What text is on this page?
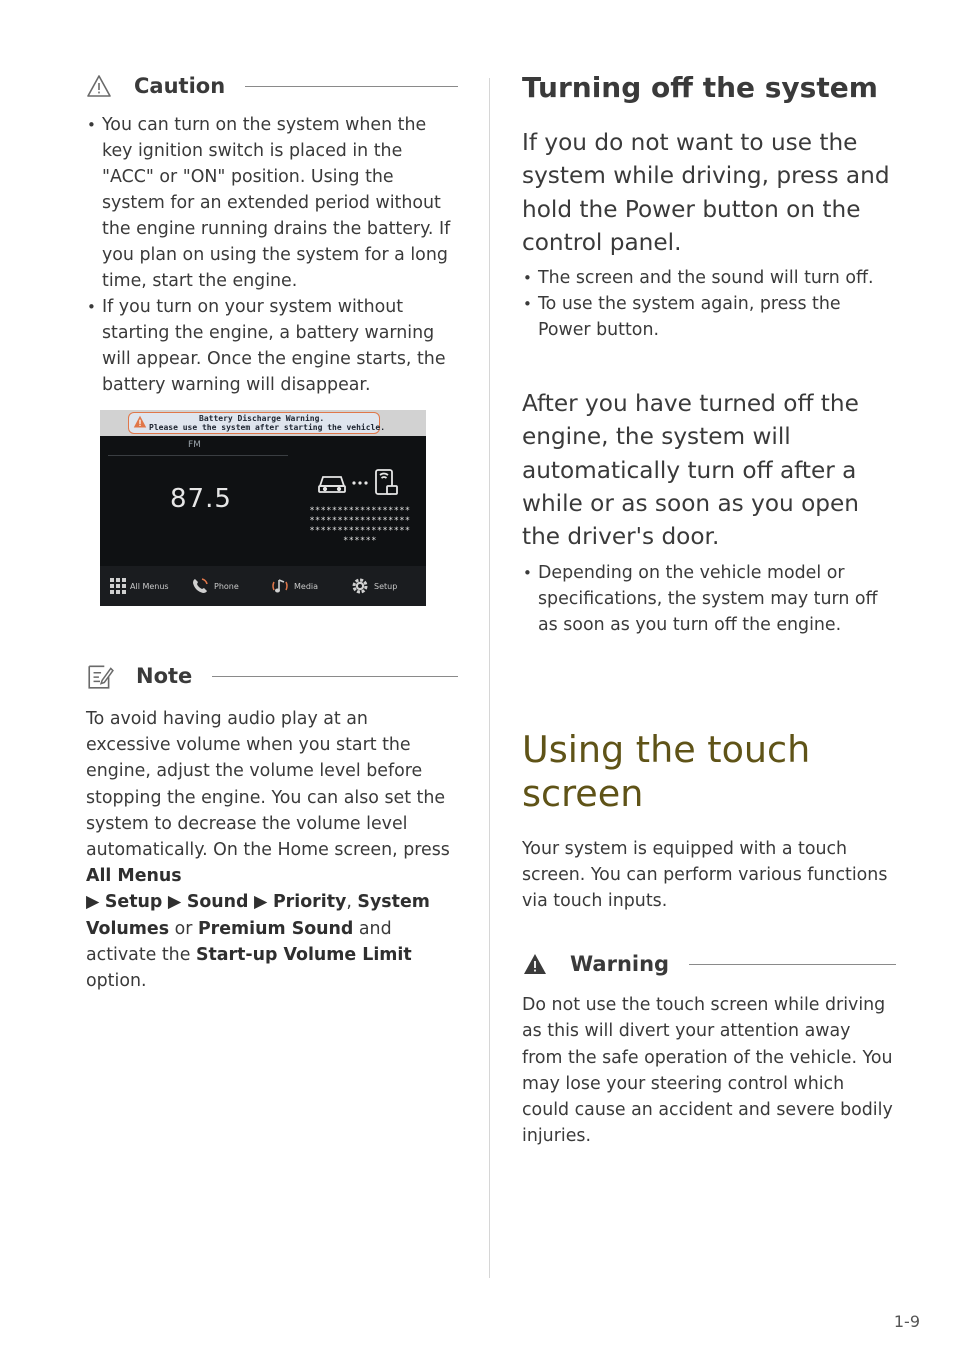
Caution
• You can turn on the system when the key ignition switch is placed in the "ACC" or "ON" position. Using the system for an extended period without the engine running drains the battery. If you plan on using the system for a long time, start the engine.
• If you turn on your system without starting the engine, a battery warning will appear. Once the engine starts, the battery warning will disappear.
Battery Discharge Warning.
Please use the system after starting the vehicle.
FM
87.5	******************
******************
******************
******
All Menus	Phone	Media	Setup
Note

To avoid having audio play at an excessive volume when you start the engine, adjust the volume level before stopping the engine. You can also set the system to decrease the volume level automatically. On the Home screen, press All Menus
▶ Setup ▶ Sound ▶ Priority, System Volumes or Premium Sound and activate the Start-up Volume Limit option.

Turning off the system

If you do not want to use the system while driving, press and hold the Power button on the control panel.

• The screen and the sound will turn off.
• To use the system again, press the Power button.

After you have turned off the engine, the system will automatically turn off after a while or as soon as you open the driver's door.

• Depending on the vehicle model or specifications, the system may turn off as soon as you turn off the engine.
Using the touch
screen

Your system is equipped with a touch screen. You can perform various functions via touch inputs.

Warning

Do not use the touch screen while driving as this will divert your attention away from the safe operation of the vehicle. You may lose your steering control which could cause an accident and severe bodily injuries.

1-9
